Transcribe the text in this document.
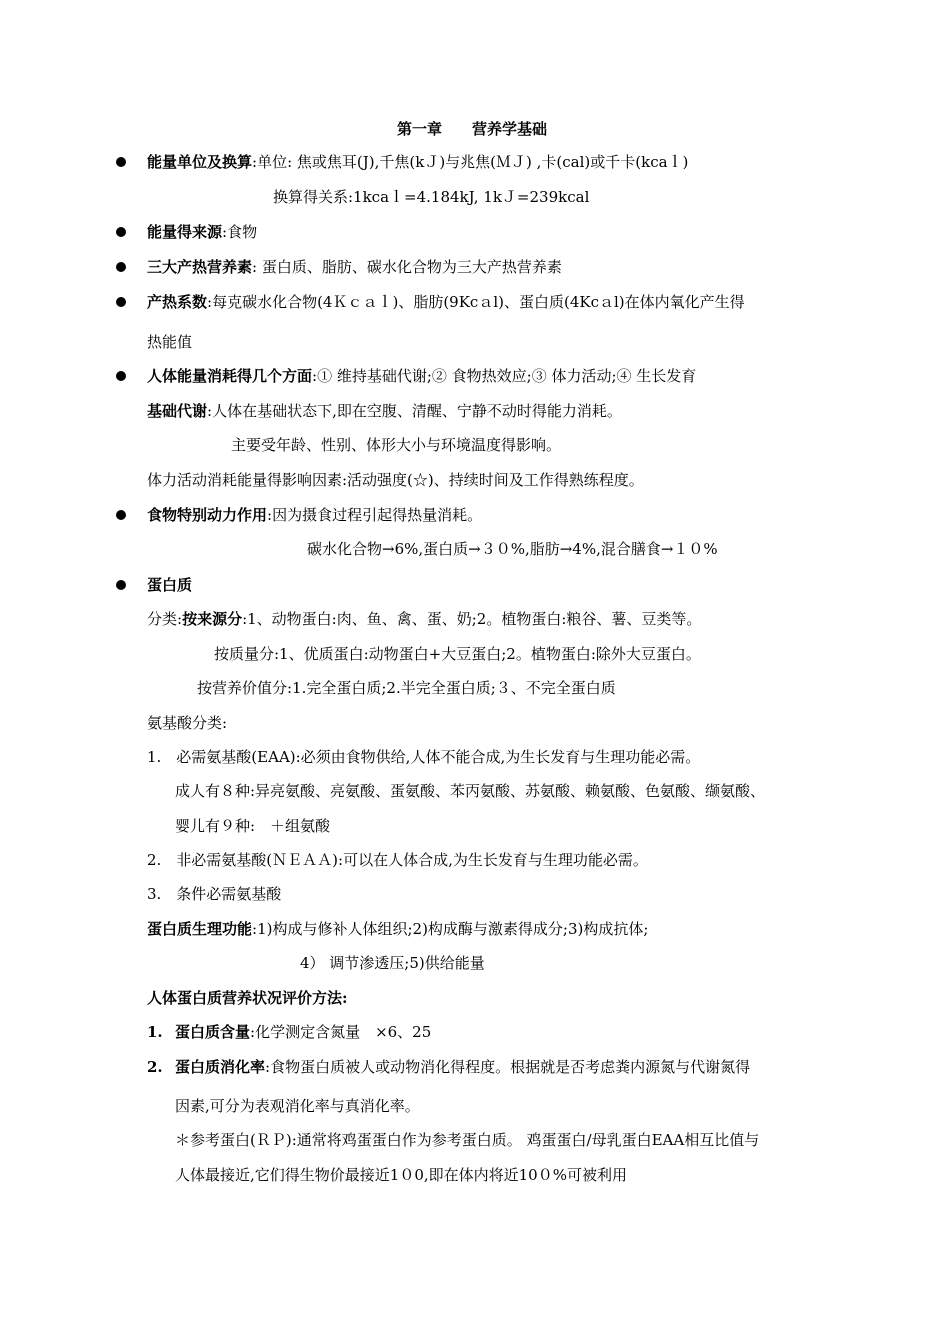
第一章　　营养学基础
能量单位及换算:单位: 焦或焦耳(J),千焦(kＪ)与兆焦(ＭＪ) ,卡(cal)或千卡(kcaｌ)
换算得关系:1kcaｌ=4.184kJ, 1kＪ=239kcal
能量得来源:食物
三大产热营养素: 蛋白质、脂肪、碳水化合物为三大产热营养素
产热系数:每克碳水化合物(4Ｋｃａｌ)、脂肪(9Kcａl)、蛋白质(4Kcａl)在体内氧化产生得
热能值
人体能量消耗得几个方面:① 维持基础代谢;② 食物热效应;③ 体力活动;④ 生长发育
基础代谢:人体在基础状态下,即在空腹、清醒、宁静不动时得能力消耗。
主要受年龄、性别、体形大小与环境温度得影响。
体力活动消耗能量得影响因素:活动强度(☆)、持续时间及工作得熟练程度。
食物特别动力作用:因为摄食过程引起得热量消耗。
碳水化合物→6%,蛋白质→３０%,脂肪→4%,混合膳食→１０%
蛋白质
分类:按来源分:1、动物蛋白:肉、鱼、禽、蛋、奶;2。植物蛋白:粮谷、薯、豆类等。
按质量分:1、优质蛋白:动物蛋白+大豆蛋白;2。植物蛋白:除外大豆蛋白。
按营养价值分:1.完全蛋白质;2.半完全蛋白质;３、不完全蛋白质
氨基酸分类:
1.　必需氨基酸(EAA):必须由食物供给,人体不能合成,为生长发育与生理功能必需。
成人有８种:异亮氨酸、亮氨酸、蛋氨酸、苯丙氨酸、苏氨酸、赖氨酸、色氨酸、缬氨酸、
婴儿有９种:　＋组氨酸
2.　非必需氨基酸(ＮＥＡＡ):可以在人体合成,为生长发育与生理功能必需。
3.　条件必需氨基酸
蛋白质生理功能:1)构成与修补人体组织;2)构成酶与激素得成分;3)构成抗体;
4） 调节渗透压;5)供给能量
人体蛋白质营养状况评价方法:
1. 蛋白质含量:化学测定含氮量　×6、25
2. 蛋白质消化率:食物蛋白质被人或动物消化得程度。根据就是否考虑粪内源氮与代谢氮得
因素,可分为表观消化率与真消化率。
＊参考蛋白(ＲＰ):通常将鸡蛋蛋白作为参考蛋白质。 鸡蛋蛋白/母乳蛋白EAA相互比值与
人体最接近,它们得生物价最接近1０0,即在体内将近10０%可被利用
